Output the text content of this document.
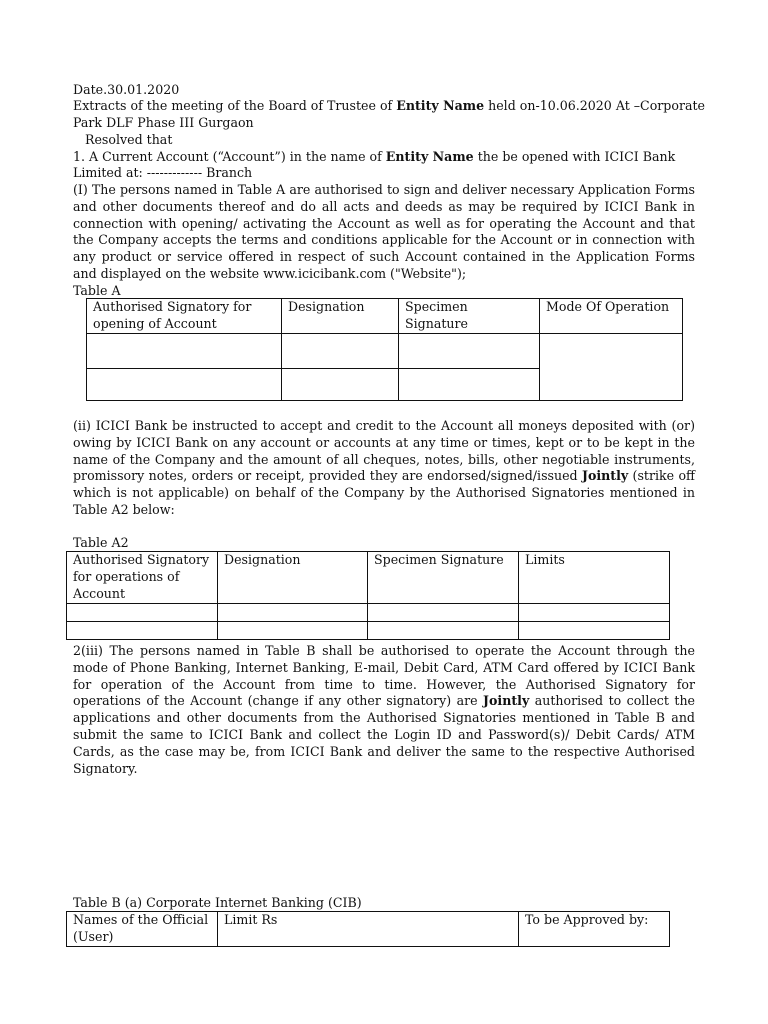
Date.30.01.2020
Extracts of the meeting of the Board of Trustee of Entity Name held on-10.06.2020 At –Corporate
Park DLF Phase III Gurgaon
Resolved that
1. A Current Account (“Account”) in the name of Entity Name the be opened with ICICI Bank
Limited at: ------------- Branch
(I) The persons named in Table A are authorised to sign and deliver necessary Application Forms and other documents thereof and do all acts and deeds as may be required by ICICI Bank in connection with opening/ activating the Account as well as for operating the Account and that the Company accepts the terms and conditions applicable for the Account or in connection with any product or service offered in respect of such Account contained in the Application Forms and displayed on the website www.icicibank.com ("Website");
Table A
Authorised Signatory for opening of Account	Designation	Specimen Signature	Mode Of Operation

(ii) ICICI Bank be instructed to accept and credit to the Account all moneys deposited with (or) owing by ICICI Bank on any account or accounts at any time or times, kept or to be kept in the name of the Company and the amount of all cheques, notes, bills, other negotiable instruments, promissory notes, orders or receipt, provided they are endorsed/signed/issued Jointly (strike off which is not applicable) on behalf of the Company by the Authorised Signatories mentioned in Table A2 below:
Table A2
Authorised Signatory for operations of Account	Designation	Specimen Signature	Limits

2(iii) The persons named in Table B shall be authorised to operate the Account through the mode of Phone Banking, Internet Banking, E-mail, Debit Card, ATM Card offered by ICICI Bank for operation of the Account from time to time. However, the Authorised Signatory for operations of the Account (change if any other signatory) are Jointly authorised to collect the applications and other documents from the Authorised Signatories mentioned in Table B and submit the same to ICICI Bank and collect the Login ID and Password(s)/ Debit Cards/ ATM Cards, as the case may be, from ICICI Bank and deliver the same to the respective Authorised Signatory.
Table B (a) Corporate Internet Banking (CIB)
Names of the Official (User)	Limit Rs	To be Approved by:
